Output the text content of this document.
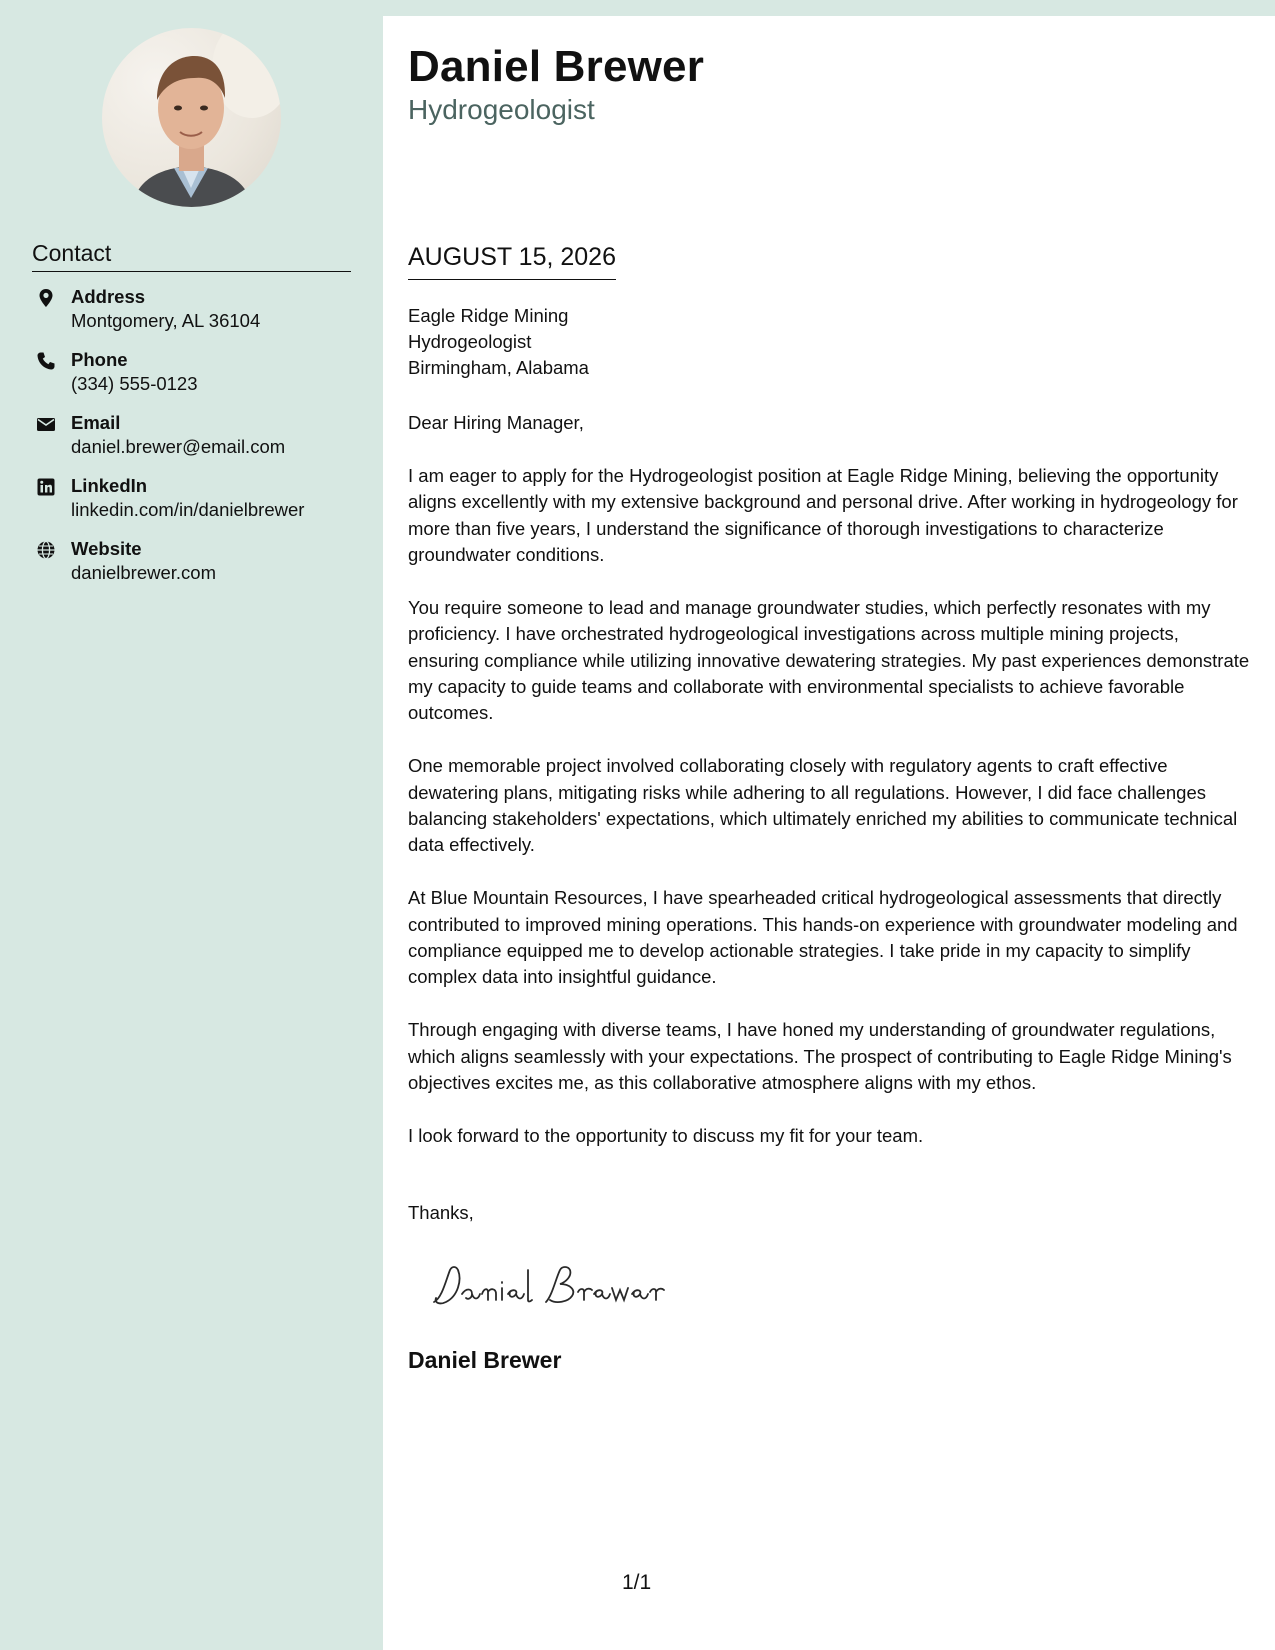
Contact
Address
Montgomery, AL 36104
Phone
(334) 555-0123
Email
daniel.brewer@email.com
LinkedIn
linkedin.com/in/danielbrewer
Website
danielbrewer.com
Daniel Brewer
Hydrogeologist
AUGUST 15, 2026
Eagle Ridge Mining
Hydrogeologist
Birmingham, Alabama

Dear Hiring Manager,

I am eager to apply for the Hydrogeologist position at Eagle Ridge Mining, believing the opportunity aligns excellently with my extensive background and personal drive. After working in hydrogeology for more than five years, I understand the significance of thorough investigations to characterize groundwater conditions.

You require someone to lead and manage groundwater studies, which perfectly resonates with my proficiency. I have orchestrated hydrogeological investigations across multiple mining projects, ensuring compliance while utilizing innovative dewatering strategies. My past experiences demonstrate my capacity to guide teams and collaborate with environmental specialists to achieve favorable outcomes.

One memorable project involved collaborating closely with regulatory agents to craft effective dewatering plans, mitigating risks while adhering to all regulations. However, I did face challenges balancing stakeholders' expectations, which ultimately enriched my abilities to communicate technical data effectively.

At Blue Mountain Resources, I have spearheaded critical hydrogeological assessments that directly contributed to improved mining operations. This hands-on experience with groundwater modeling and compliance equipped me to develop actionable strategies. I take pride in my capacity to simplify complex data into insightful guidance.

Through engaging with diverse teams, I have honed my understanding of groundwater regulations, which aligns seamlessly with your expectations. The prospect of contributing to Eagle Ridge Mining's objectives excites me, as this collaborative atmosphere aligns with my ethos.

I look forward to the opportunity to discuss my fit for your team.

Thanks,
Daniel Brewer
1/1
